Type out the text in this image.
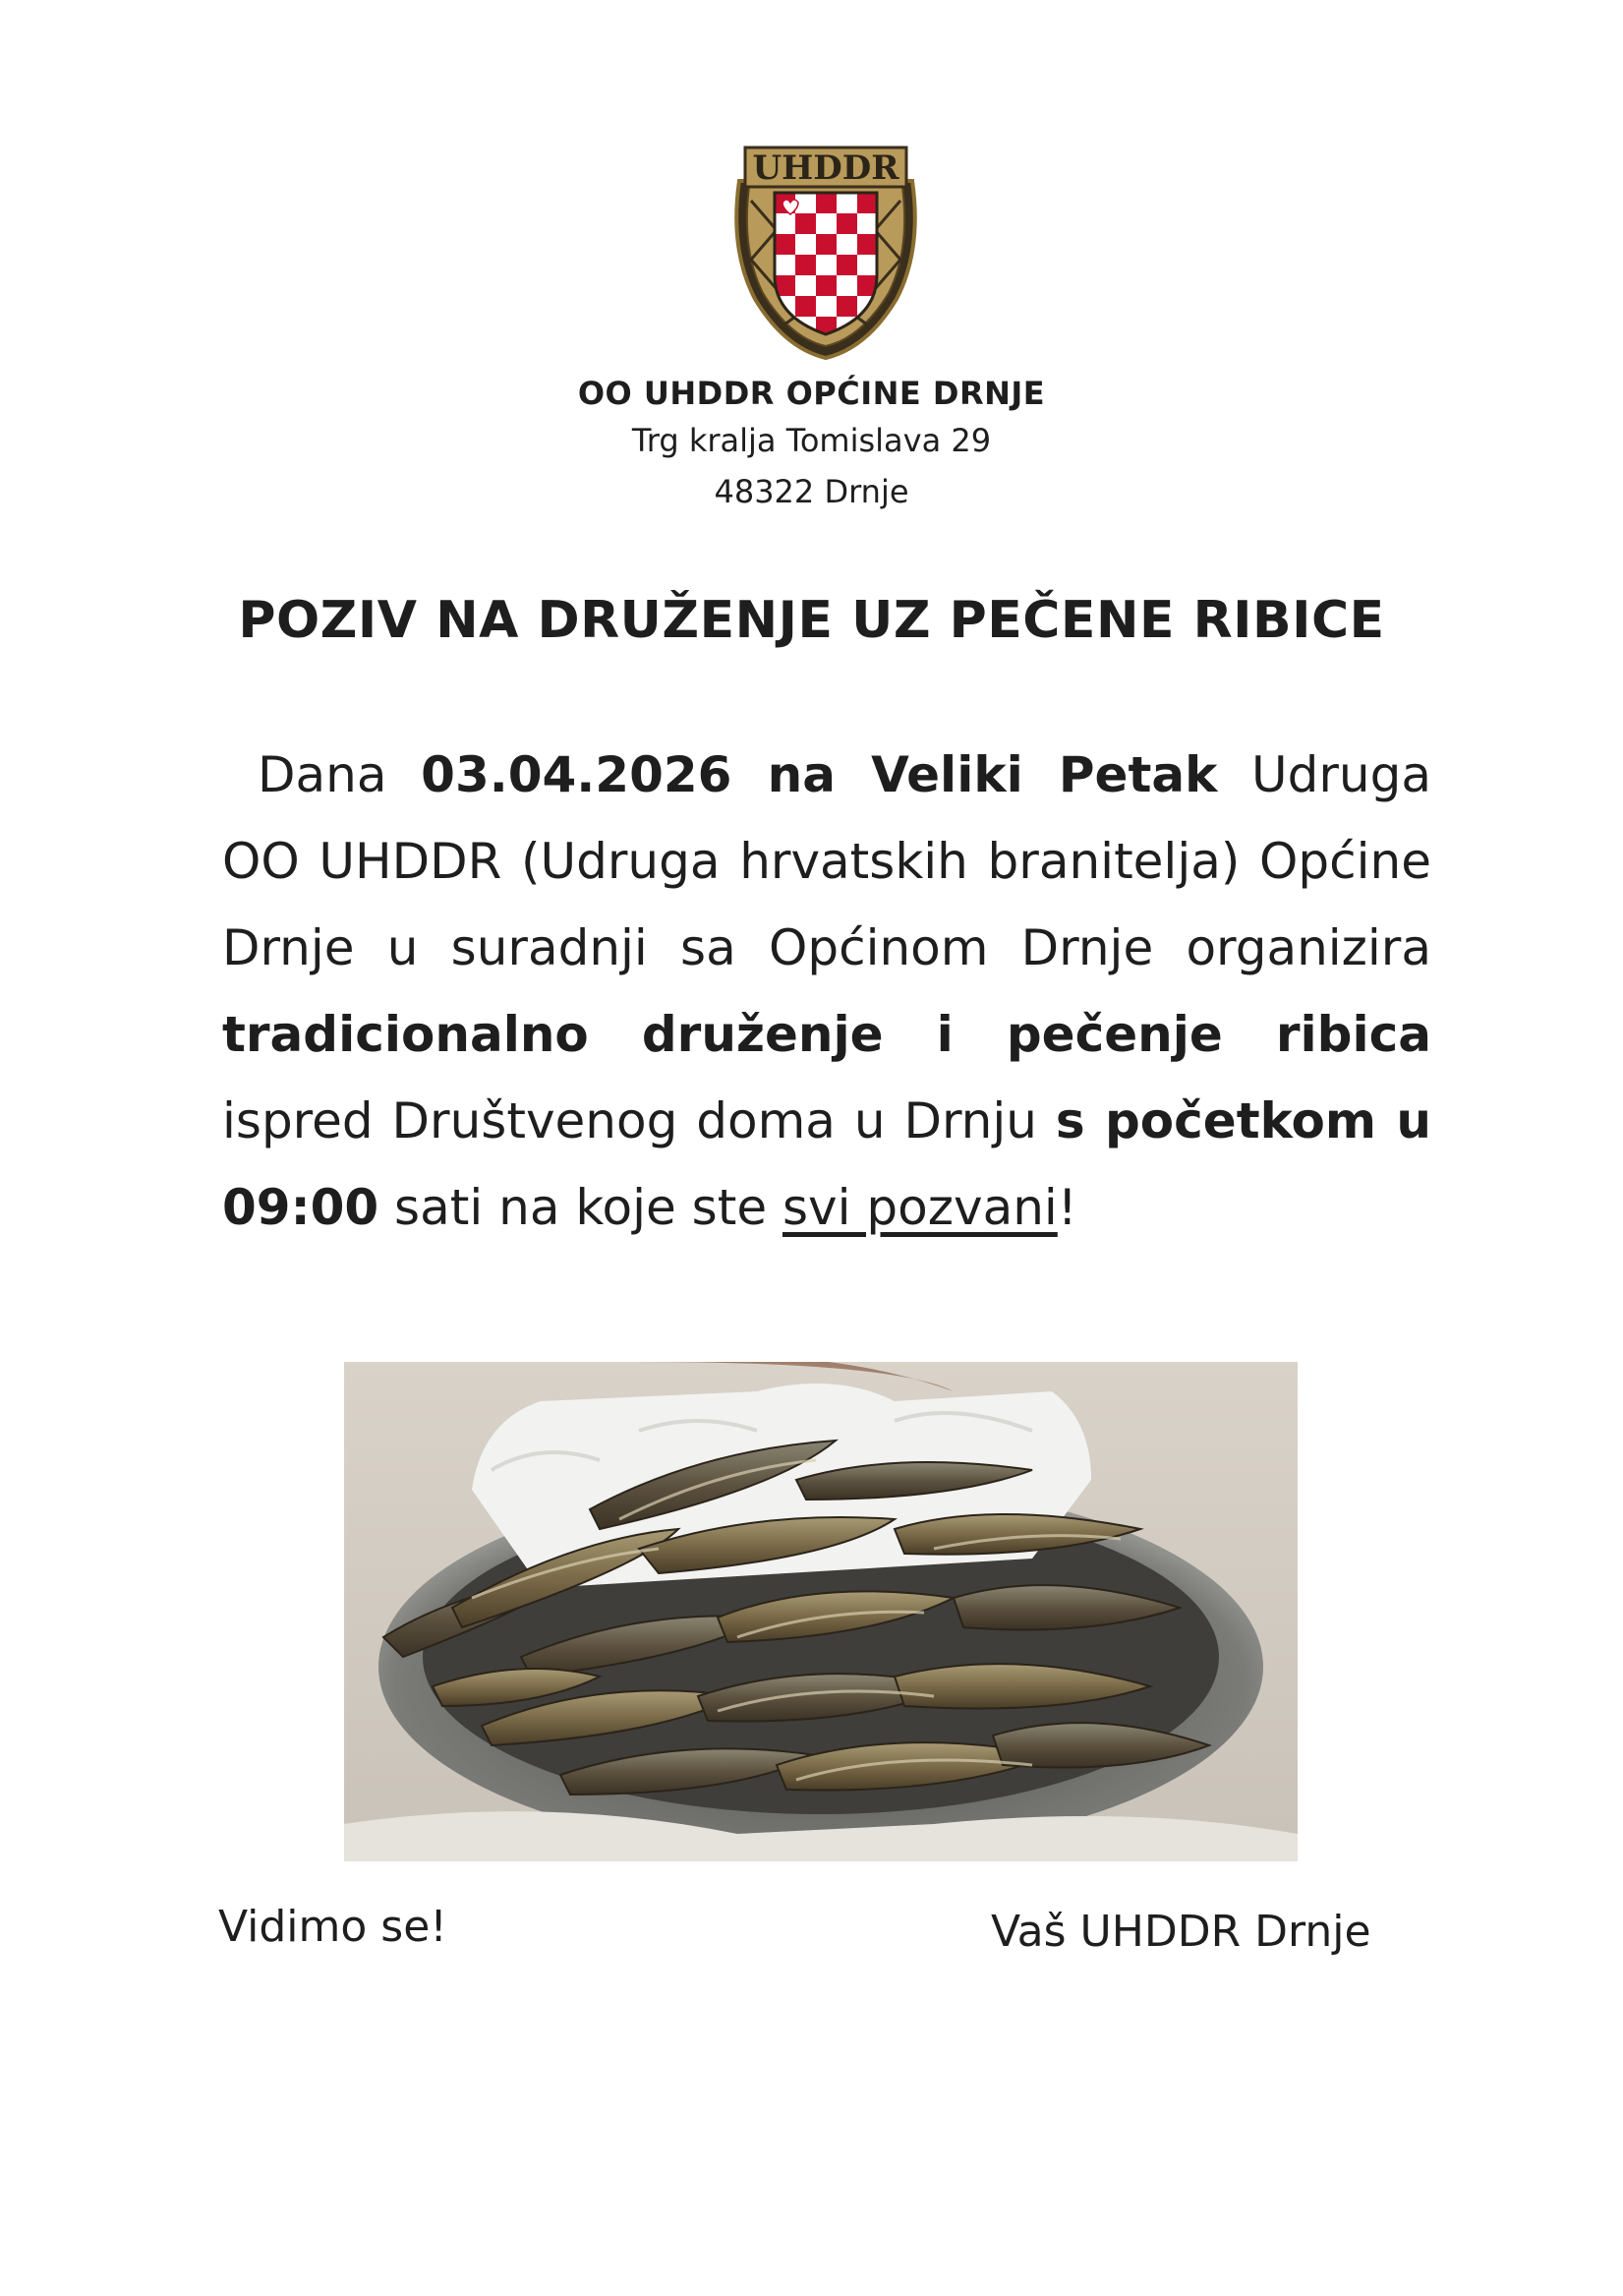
UHDDR
OO UHDDR OPĆINE DRNJE
Trg kralja Tomislava 29
48322 Drnje
POZIV NA DRUŽENJE UZ PEČENE RIBICE
Dana 03.04.2026 na Veliki Petak Udruga OO UHDDR (Udruga hrvatskih branitelja) Općine Drnje u suradnji sa Općinom Drnje organizira tradicionalno druženje i pečenje ribica ispred Društvenog doma u Drnju s početkom u 09:00 sati na koje ste svi pozvani!
Vidimo se!	Vaš UHDDR Drnje
